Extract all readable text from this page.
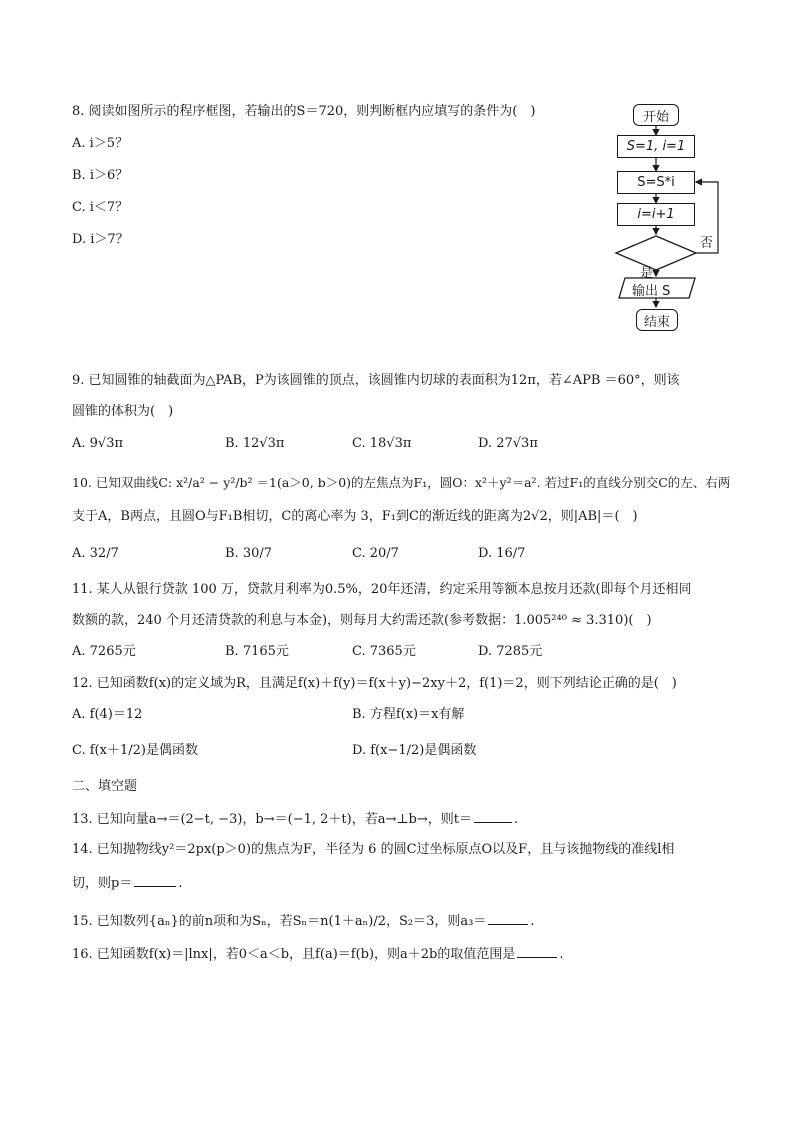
8. 阅读如图所示的程序框图，若输出的S＝720，则判断框内应填写的条件为(　)
A. i＞5？
B. i＞6？
C. i＜7？
D. i＞7？
开始
S=1, i=1
S=S*i
i=i+1
否
是
输出 S
结束
9. 已知圆锥的轴截面为△PAB，P为该圆锥的顶点，该圆锥内切球的表面积为12π，若∠APB ＝60°，则该
圆锥的体积为(　)
A. 9√3π	B. 12√3π	C. 18√3π	D. 27√3π
10. 已知双曲线C: x²/a² − y²/b² ＝1(a＞0, b＞0)的左焦点为F₁，圆O：x²＋y²＝a². 若过F₁的直线分别交C的左、右两
支于A，B两点，且圆O与F₁B相切，C的离心率为 3，F₁到C的渐近线的距离为2√2，则|AB|＝(　)
A. 32/7	B. 30/7	C. 20/7	D. 16/7
11. 某人从银行贷款 100 万，贷款月利率为0.5%，20年还清，约定采用等额本息按月还款(即每个月还相同
数额的款，240 个月还清贷款的利息与本金)，则每月大约需还款(参考数据：1.005²⁴⁰ ≈ 3.310)(　)
A. 7265元	B. 7165元	C. 7365元	D. 7285元
12. 已知函数f(x)的定义域为R，且满足f(x)＋f(y)＝f(x＋y)−2xy＋2，f(1)＝2，则下列结论正确的是(　)
A. f(4)＝12	B. 方程f(x)＝x有解
C. f(x＋1/2)是偶函数	D. f(x−1/2)是偶函数
二、填空题
13. 已知向量a→＝(2−t, −3)，b→＝(−1, 2＋t)，若a→⊥b→，则t＝	.
14. 已知抛物线y²＝2px(p＞0)的焦点为F，半径为 6 的圆C过坐标原点O以及F，且与该抛物线的准线l相
切，则p＝	.
15. 已知数列{aₙ}的前n项和为Sₙ，若Sₙ＝n(1＋aₙ)/2，S₂＝3，则a₃＝	.
16. 已知函数f(x)＝|lnx|，若0＜a＜b，且f(a)＝f(b)，则a＋2b的取值范围是	.
